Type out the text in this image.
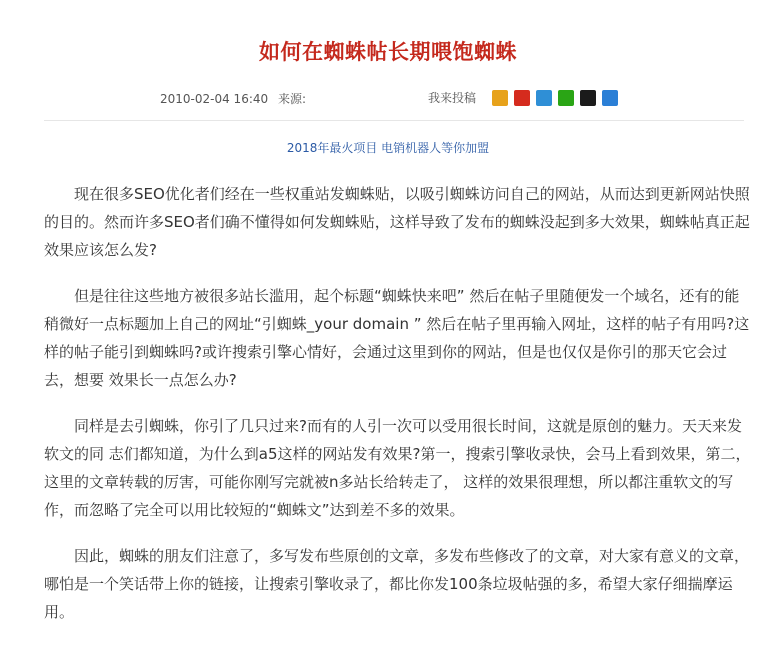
如何在蜘蛛帖长期喂饱蜘蛛
2010-02-04 16:40 来源:	我来投稿
2018年最火项目 电销机器人等你加盟

现在很多SEO优化者们经在一些权重站发蜘蛛贴，以吸引蜘蛛访问自己的网站，从而达到更新网站快照的目的。然而许多SEO者们确不懂得如何发蜘蛛贴，这样导致了发布的蜘蛛没起到多大效果，蜘蛛帖真正起效果应该怎么发?

但是往往这些地方被很多站长滥用，起个标题“蜘蛛快来吧” 然后在帖子里随便发一个域名，还有的能稍微好一点标题加上自己的网址“引蜘蛛_your domain ” 然后在帖子里再输入网址，这样的帖子有用吗?这样的帖子能引到蜘蛛吗?或许搜索引擎心情好，会通过这里到你的网站，但是也仅仅是你引的那天它会过去，想要 效果长一点怎么办?

同样是去引蜘蛛，你引了几只过来?而有的人引一次可以受用很长时间，这就是原创的魅力。天天来发软文的同 志们都知道，为什么到a5这样的网站发有效果?第一，搜索引擎收录快，会马上看到效果，第二，这里的文章转载的厉害，可能你刚写完就被n多站长给转走了， 这样的效果很理想，所以都注重软文的写作，而忽略了完全可以用比较短的“蜘蛛文”达到差不多的效果。

因此，蜘蛛的朋友们注意了，多写发布些原创的文章，多发布些修改了的文章，对大家有意义的文章，哪怕是一个笑话带上你的链接，让搜索引擎收录了，都比你发100条垃圾帖强的多，希望大家仔细揣摩运用。
